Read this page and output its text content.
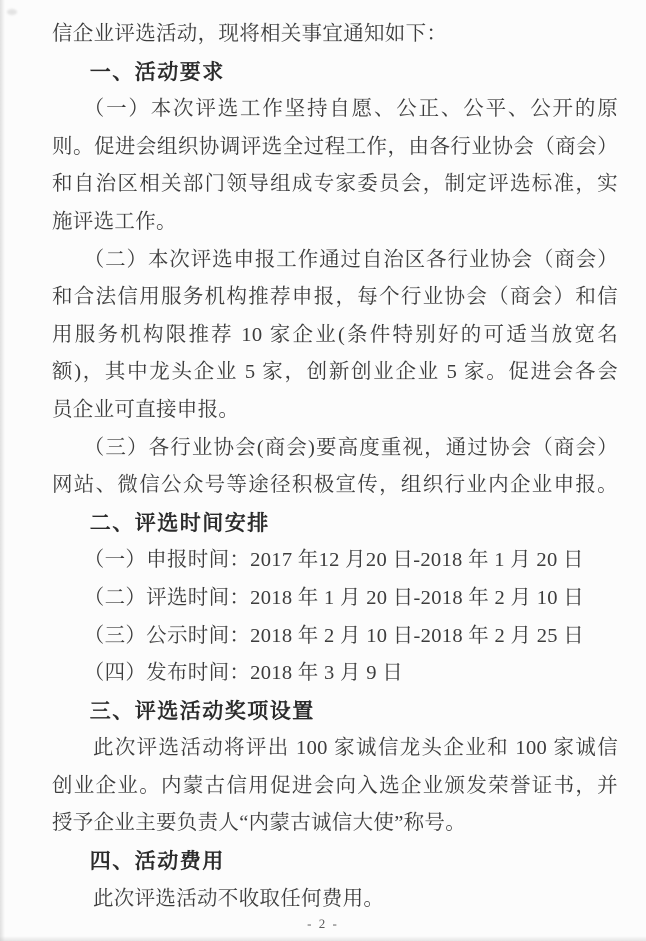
信企业评选活动，现将相关事宜通知如下：
一、活动要求
（一）本次评选工作坚持自愿、公正、公平、公开的原
则。促进会组织协调评选全过程工作，由各行业协会（商会）
和自治区相关部门领导组成专家委员会，制定评选标准，实
施评选工作。
（二）本次评选申报工作通过自治区各行业协会（商会）
和合法信用服务机构推荐申报，每个行业协会（商会）和信
用服务机构限推荐 10 家企业(条件特别好的可适当放宽名
额)，其中龙头企业 5 家，创新创业企业 5 家。促进会各会
员企业可直接申报。
（三）各行业协会(商会)要高度重视，通过协会（商会）
网站、微信公众号等途径积极宣传，组织行业内企业申报。
二、评选时间安排
（一）申报时间：2017 年12 月20 日-2018 年 1 月 20 日
（二）评选时间：2018 年 1 月 20 日-2018 年 2 月 10 日
（三）公示时间：2018 年 2 月 10 日-2018 年 2 月 25 日
（四）发布时间：2018 年 3 月 9 日
三、评选活动奖项设置
此次评选活动将评出 100 家诚信龙头企业和 100 家诚信
创业企业。内蒙古信用促进会向入选企业颁发荣誉证书，并
授予企业主要负责人“内蒙古诚信大使”称号。
四、活动费用
此次评选活动不收取任何费用。
- 2 -
